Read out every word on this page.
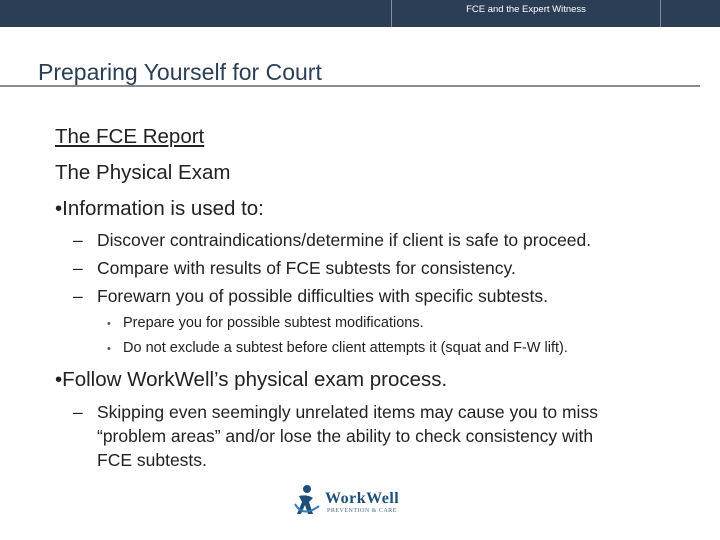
FCE and the Expert Witness
Preparing Yourself for Court
The FCE Report
The Physical Exam
•Information is used to:
– Discover contraindications/determine if client is safe to proceed.
– Compare with results of FCE subtests for consistency.
– Forewarn you of possible difficulties with specific subtests.
• Prepare you for possible subtest modifications.
• Do not exclude a subtest before client attempts it (squat and F-W lift).
•Follow WorkWell’s physical exam process.
– Skipping even seemingly unrelated items may cause you to miss
“problem areas” and/or lose the ability to check consistency with
FCE subtests.
WorkWell
PREVENTION & CARE
